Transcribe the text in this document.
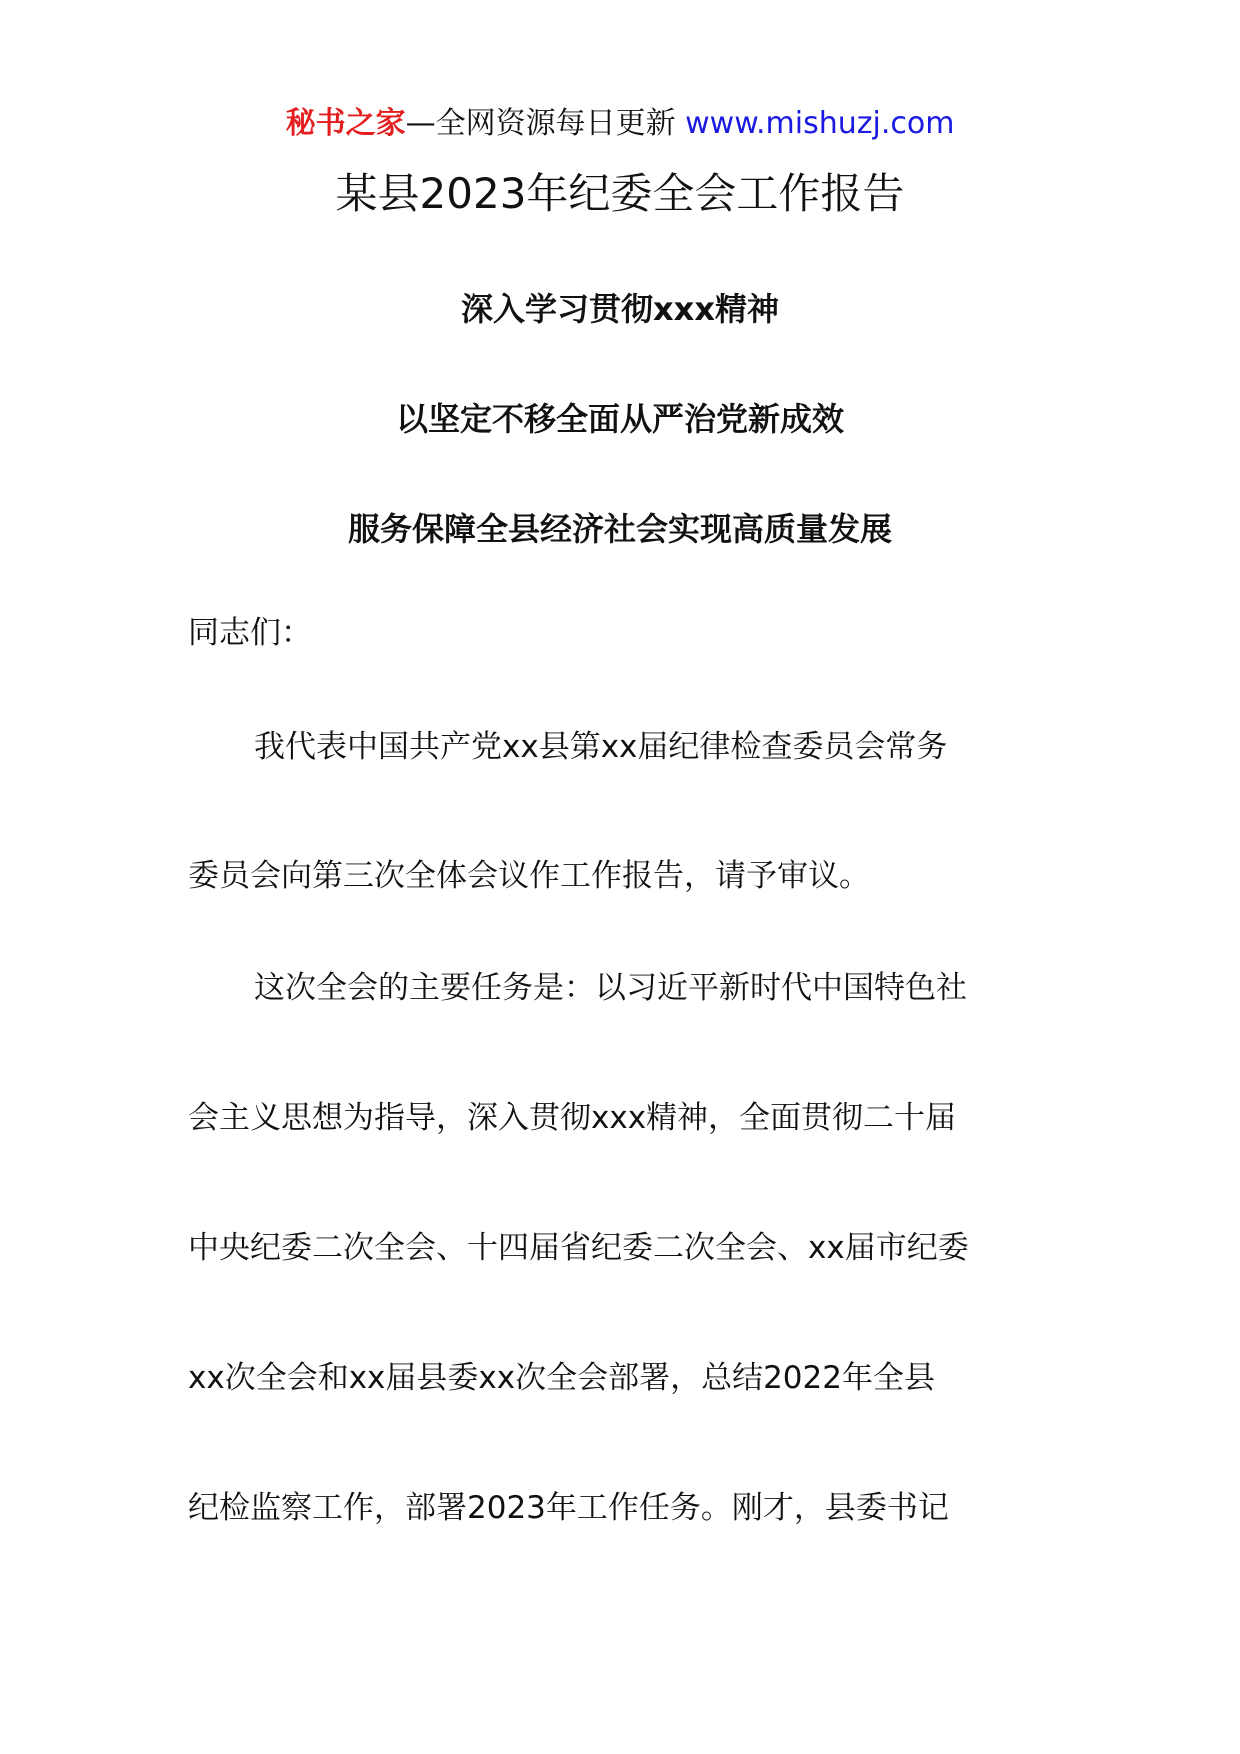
秘书之家—全网资源每日更新 www.mishuzj.com
某县2023年纪委全会工作报告
深入学习贯彻xxx精神
以坚定不移全面从严治党新成效
服务保障全县经济社会实现高质量发展
同志们：
我代表中国共产党xx县第xx届纪律检查委员会常务
委员会向第三次全体会议作工作报告，请予审议。
这次全会的主要任务是：以习近平新时代中国特色社
会主义思想为指导，深入贯彻xxx精神，全面贯彻二十届
中央纪委二次全会、十四届省纪委二次全会、xx届市纪委
xx次全会和xx届县委xx次全会部署，总结2022年全县
纪检监察工作，部署2023年工作任务。刚才，县委书记
